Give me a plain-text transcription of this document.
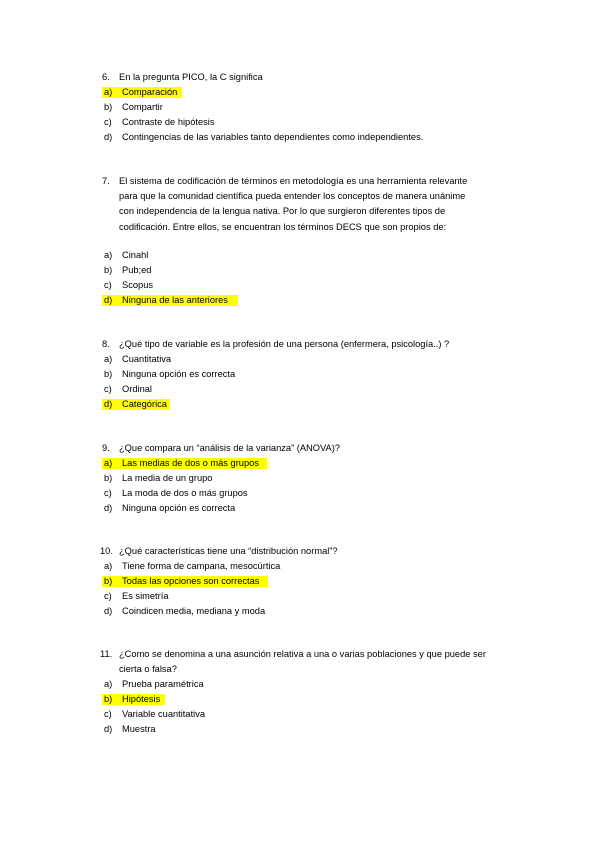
6. En la pregunta PICO, la C significa
a) Comparación
b) Compartir
c) Contraste de hipótesis
d) Contingencias de las variables tanto dependientes como independientes.
7. El sistema de codificación de términos en metodología es una herramienta relevante
para que la comunidad científica pueda entender los conceptos de manera unánime
con independencia de la lengua nativa. Por lo que surgieron diferentes tipos de
codificación. Entre ellos, se encuentran los términos DECS que son propios de:
a) Cinahl
b) Pub;ed
c) Scopus
d) Ninguna de las anteriores
8. ¿Qué tipo de variable es la profesión de una persona (enfermera, psicología..) ?
a) Cuantitativa
b) Ninguna opción es correcta
c) Ordinal
d) Categórica
9. ¿Que compara un “análisis de la varianza” (ANOVA)?
a) Las medias de dos o más grupos
b) La media de un grupo
c) La moda de dos o más grupos
d) Ninguna opción es correcta
10. ¿Qué características tiene una “distribución normal”?
a) Tiene forma de campana, mesocúrtica
b) Todas las opciones son correctas
c) Es simetría
d) Coindicen media, mediana y moda
11. ¿Como se denomina a una asunción relativa a una o varias poblaciones y que puede ser
cierta o falsa?
a) Prueba paramétrica
b) Hipótesis
c) Variable cuantitativa
d) Muestra
